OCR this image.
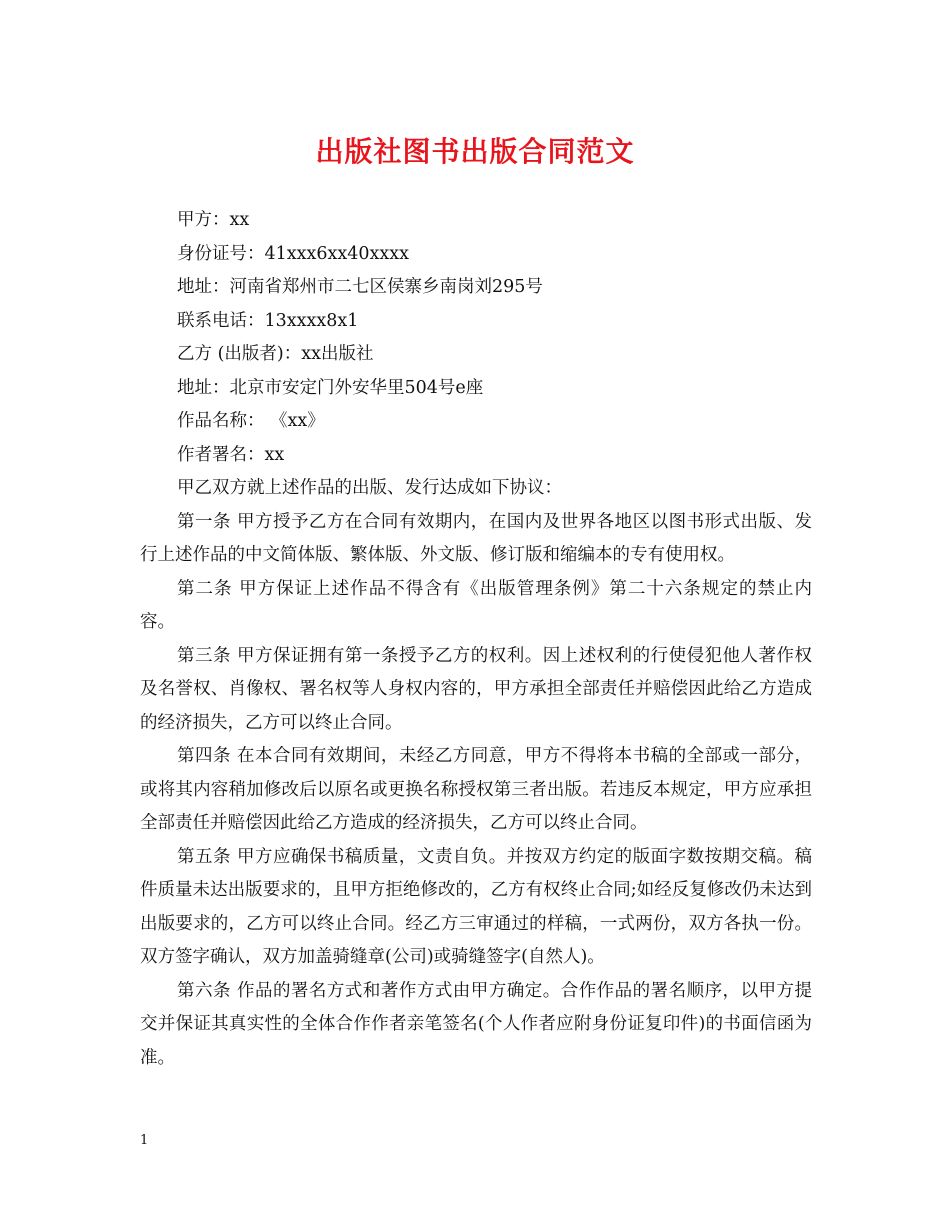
出版社图书出版合同范文

甲方：xx

身份证号：41xxx6xx40xxxx

地址：河南省郑州市二七区侯寨乡南岗刘295号

联系电话：13xxxx8x1

乙方 (出版者)：xx出版社

地址：北京市安定门外安华里504号e座

作品名称： 《xx》

作者署名：xx

甲乙双方就上述作品的出版、发行达成如下协议：

第一条 甲方授予乙方在合同有效期内，在国内及世界各地区以图书形式出版、发行上述作品的中文简体版、繁体版、外文版、修订版和缩编本的专有使用权。

第二条 甲方保证上述作品不得含有《出版管理条例》第二十六条规定的禁止内容。

第三条 甲方保证拥有第一条授予乙方的权利。因上述权利的行使侵犯他人著作权及名誉权、肖像权、署名权等人身权内容的，甲方承担全部责任并赔偿因此给乙方造成的经济损失，乙方可以终止合同。

第四条 在本合同有效期间，未经乙方同意，甲方不得将本书稿的全部或一部分，或将其内容稍加修改后以原名或更换名称授权第三者出版。若违反本规定，甲方应承担全部责任并赔偿因此给乙方造成的经济损失，乙方可以终止合同。

第五条 甲方应确保书稿质量，文责自负。并按双方约定的版面字数按期交稿。稿件质量未达出版要求的，且甲方拒绝修改的，乙方有权终止合同;如经反复修改仍未达到出版要求的，乙方可以终止合同。经乙方三审通过的样稿，一式两份，双方各执一份。双方签字确认，双方加盖骑缝章(公司)或骑缝签字(自然人)。

第六条 作品的署名方式和著作方式由甲方确定。合作作品的署名顺序，以甲方提交并保证其真实性的全体合作作者亲笔签名(个人作者应附身份证复印件)的书面信函为准。

1
